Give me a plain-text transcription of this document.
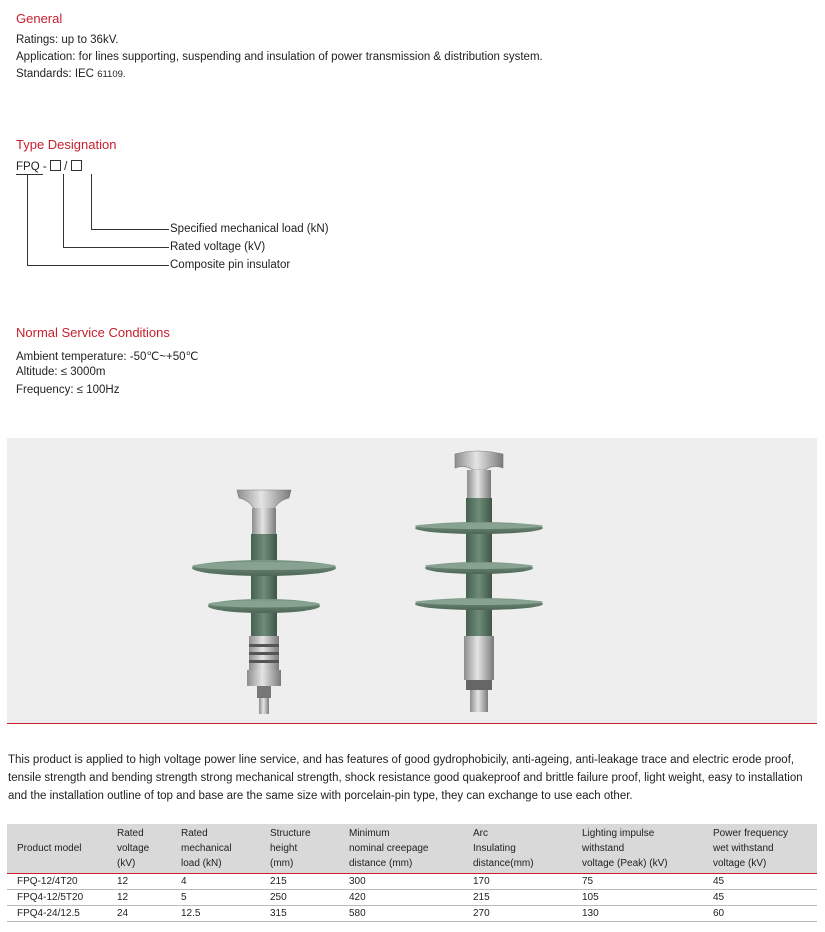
General
Ratings: up to 36kV.
Application: for lines supporting, suspending and insulation of power transmission & distribution system.
Standards: IEC 61109.
Type Designation
FPQ - /
Specified mechanical load (kN)
Rated voltage (kV)
Composite pin insulator
Normal Service Conditions
Ambient temperature: -50℃~+50℃
Altitude: ≤ 3000m
Frequency: ≤ 100Hz
This product is applied to high voltage power line service, and has features of good gydrophobicily, anti-ageing, anti-leakage trace and electric erode proof, tensile strength and bending strength strong mechanical strength, shock resistance good quakeproof and brittle failure proof, light weight, easy to installation and the installation outline of top and base are the same size with porcelain-pin type, they can exchange to use each other.
Product model	Rated
voltage
(kV)	Rated
mechanical
load (kN)	Structure
height
(mm)	Minimum
nominal creepage
distance (mm)	Arc
Insulating
distance(mm)	Lighting impulse
withstand
voltage (Peak) (kV)	Power frequency
wet withstand
voltage (kV)
FPQ-12/4T20	12	4	215	300	170	75	45
FPQ4-12/5T20	12	5	250	420	215	105	45
FPQ4-24/12.5	24	12.5	315	580	270	130	60
